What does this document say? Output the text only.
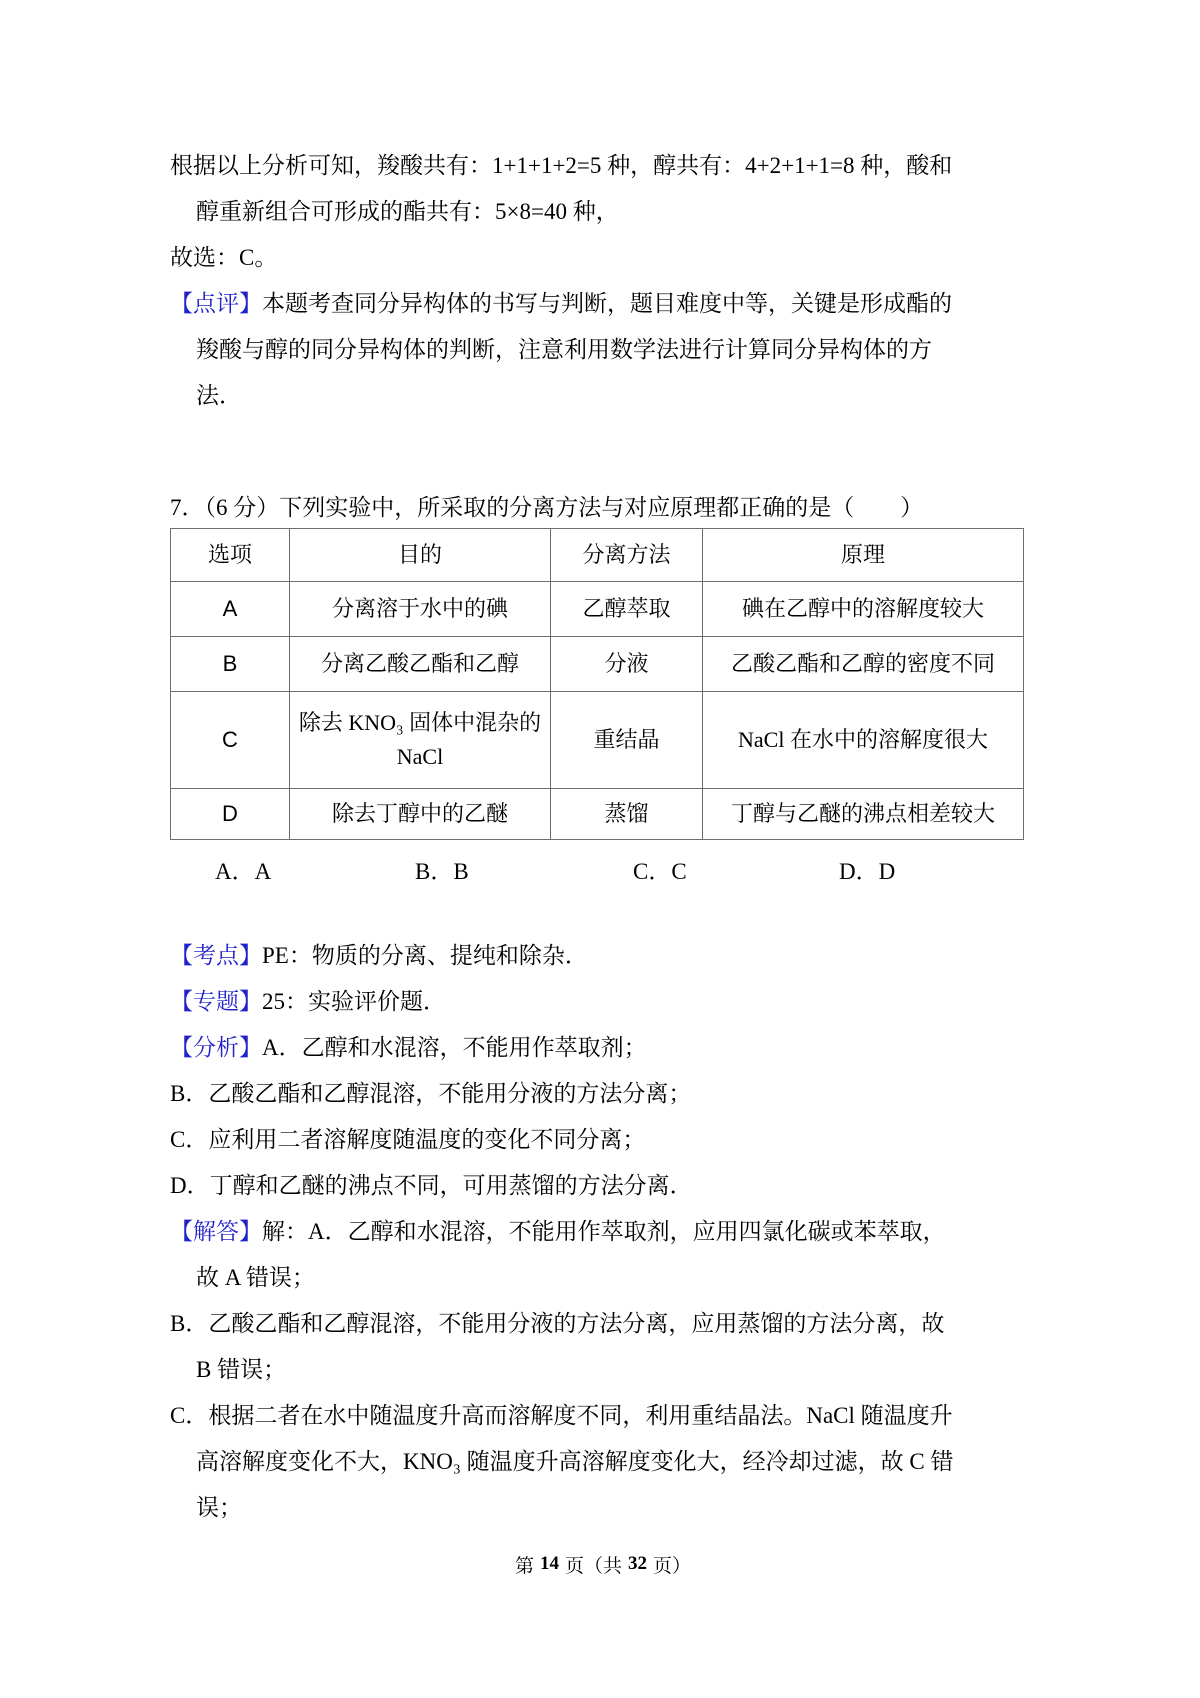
根据以上分析可知，羧酸共有：1+1+1+2=5 种，醇共有：4+2+1+1=8 种，酸和
醇重新组合可形成的酯共有：5×8=40 种，
故选：C。
【点评】 本题考查同分异构体的书写与判断，题目难度中等，关键是形成酯的
羧酸与醇的同分异构体的判断，注意利用数学法进行计算同分异构体的方
法．
7．（6 分）下列实验中，所采取的分离方法与对应原理都正确的是（　　）
选项	目的	分离方法	原理
A	分离溶于水中的碘	乙醇萃取	碘在乙醇中的溶解度较大
B	分离乙酸乙酯和乙醇	分液	乙酸乙酯和乙醇的密度不同
C	除去 KNO₃ 固体中混杂的 NaCl	重结晶	NaCl 在水中的溶解度很大
D	除去丁醇中的乙醚	蒸馏	丁醇与乙醚的沸点相差较大
A．A	B．B	C．C	D．D
【考点】 PE：物质的分离、提纯和除杂．
【专题】 25：实验评价题．
【分析】 A．乙醇和水混溶，不能用作萃取剂；
B．乙酸乙酯和乙醇混溶，不能用分液的方法分离；
C．应利用二者溶解度随温度的变化不同分离；
D．丁醇和乙醚的沸点不同，可用蒸馏的方法分离．
【解答】 解：A．乙醇和水混溶，不能用作萃取剂，应用四氯化碳或苯萃取，
故 A 错误；
B．乙酸乙酯和乙醇混溶，不能用分液的方法分离，应用蒸馏的方法分离，故
B 错误；
C．根据二者在水中随温度升高而溶解度不同，利用重结晶法。NaCl 随温度升
高溶解度变化不大，KNO₃ 随温度升高溶解度变化大，经冷却过滤，故 C 错
误；
第 14 页（共 32 页）
